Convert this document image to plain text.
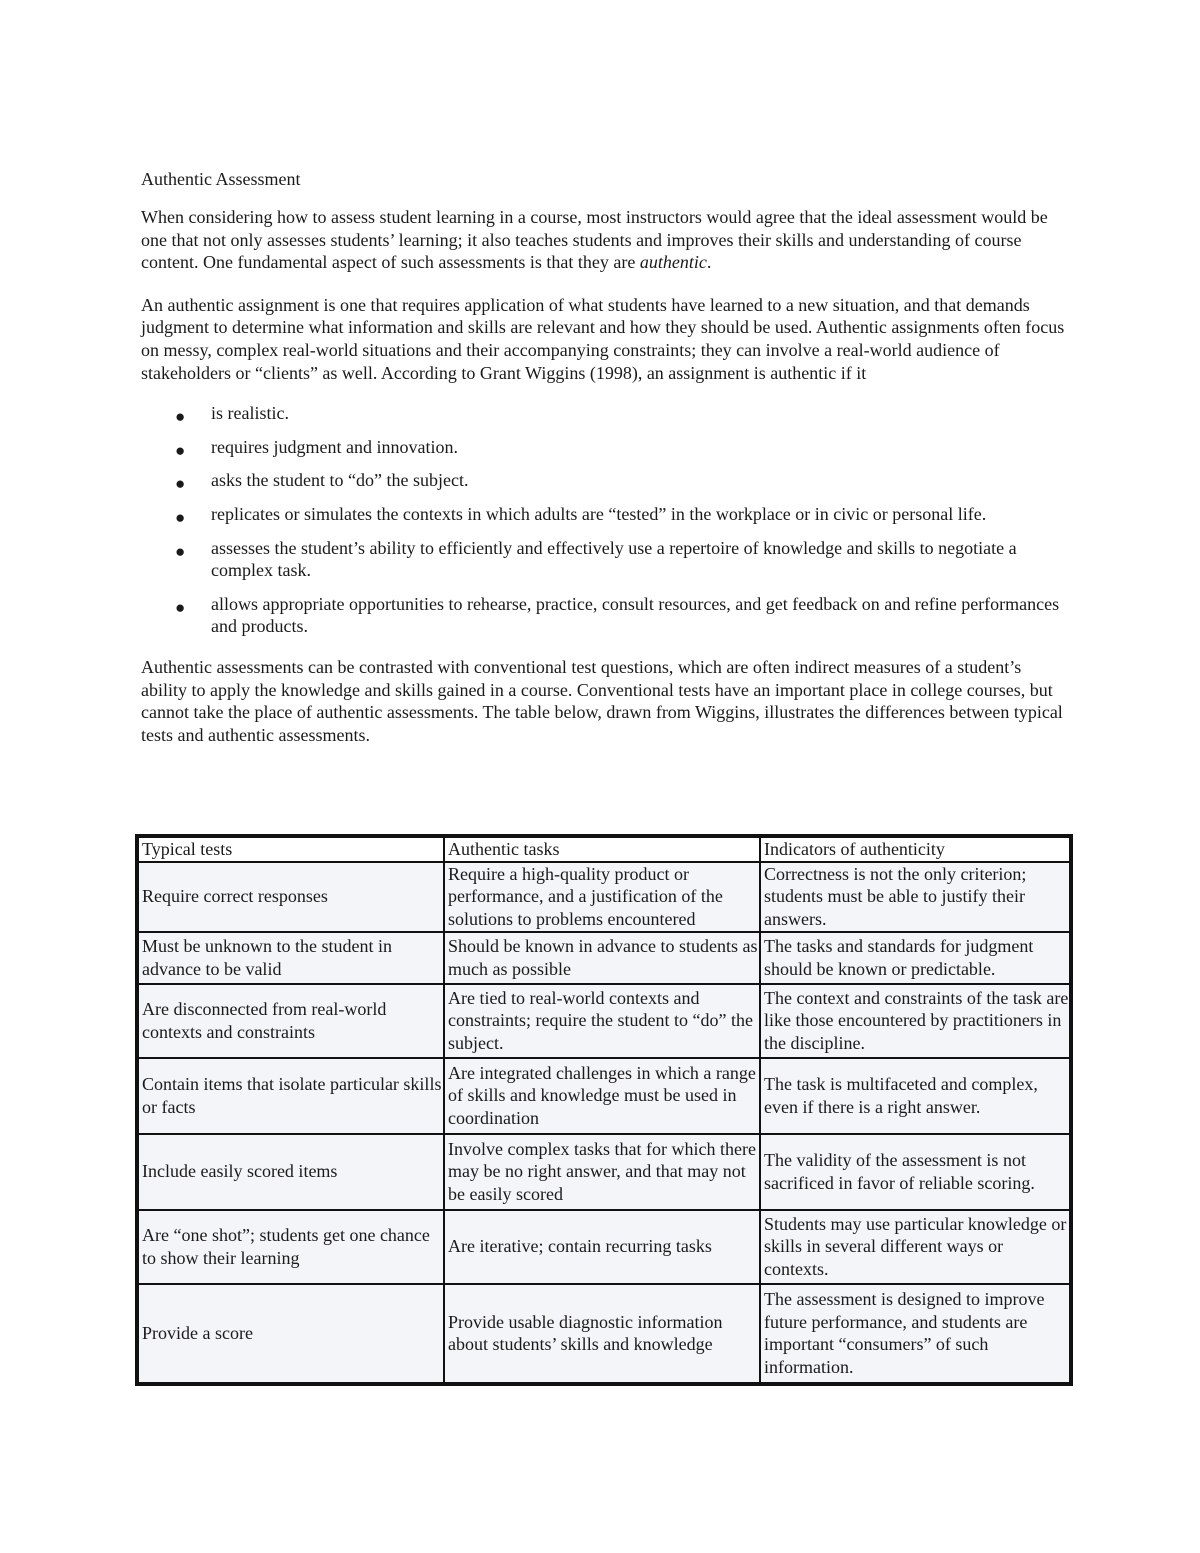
Authentic Assessment

When considering how to assess student learning in a course, most instructors would agree that the ideal assessment would be one that not only assesses students’ learning; it also teaches students and improves their skills and understanding of course content. One fundamental aspect of such assessments is that they are authentic.

An authentic assignment is one that requires application of what students have learned to a new situation, and that demands judgment to determine what information and skills are relevant and how they should be used. Authentic assignments often focus on messy, complex real-world situations and their accompanying constraints; they can involve a real-world audience of stakeholders or “clients” as well. According to Grant Wiggins (1998), an assignment is authentic if it

● is realistic.
● requires judgment and innovation.
● asks the student to “do” the subject.
● replicates or simulates the contexts in which adults are “tested” in the workplace or in civic or personal life.
● assesses the student’s ability to efficiently and effectively use a repertoire of knowledge and skills to negotiate a complex task.
● allows appropriate opportunities to rehearse, practice, consult resources, and get feedback on and refine performances and products.

Authentic assessments can be contrasted with conventional test questions, which are often indirect measures of a student’s ability to apply the knowledge and skills gained in a course. Conventional tests have an important place in college courses, but cannot take the place of authentic assessments. The table below, drawn from Wiggins, illustrates the differences between typical tests and authentic assessments.

Typical tests	Authentic tasks	Indicators of authenticity
Require correct responses	Require a high-quality product or performance, and a justification of the solutions to problems encountered	Correctness is not the only criterion; students must be able to justify their answers.
Must be unknown to the student in advance to be valid	Should be known in advance to students as much as possible	The tasks and standards for judgment should be known or predictable.
Are disconnected from real-world contexts and constraints	Are tied to real-world contexts and constraints; require the student to “do” the subject.	The context and constraints of the task are like those encountered by practitioners in the discipline.
Contain items that isolate particular skills or facts	Are integrated challenges in which a range of skills and knowledge must be used in coordination	The task is multifaceted and complex, even if there is a right answer.
Include easily scored items	Involve complex tasks that for which there may be no right answer, and that may not be easily scored	The validity of the assessment is not sacrificed in favor of reliable scoring.
Are “one shot”; students get one chance to show their learning	Are iterative; contain recurring tasks	Students may use particular knowledge or skills in several different ways or contexts.
Provide a score	Provide usable diagnostic information about students’ skills and knowledge	The assessment is designed to improve future performance, and students are important “consumers” of such information.
